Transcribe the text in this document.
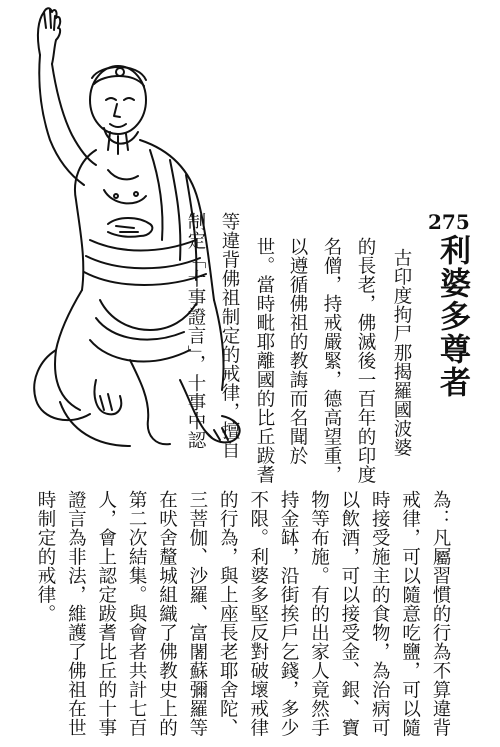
275
利婆多尊者
古印度拘尸那揭羅國波婆
的長老，佛滅後一百年的印度
名僧，持戒嚴緊，德高望重，
以遵循佛祖的教誨而名聞於
世。當時毗耶離國的比丘跋耆
等違背佛祖制定的戒律，擅自
制定「十事證言」，十事中認
為：凡屬習慣的行為不算違背
戒律，可以隨意吃鹽，可以隨
時接受施主的食物，為治病可
以飲酒，可以接受金、銀、寶
物等布施。有的出家人竟然手
持金缽，沿街挨戶乞錢，多少
不限。利婆多堅反對破壞戒律
的行為，與上座長老耶舍陀、
三菩伽、沙羅、富闍蘇彌羅等
在吠舍釐城組織了佛教史上的
第二次結集。與會者共計七百
人，會上認定跋耆比丘的十事
證言為非法，維護了佛祖在世
時制定的戒律。
